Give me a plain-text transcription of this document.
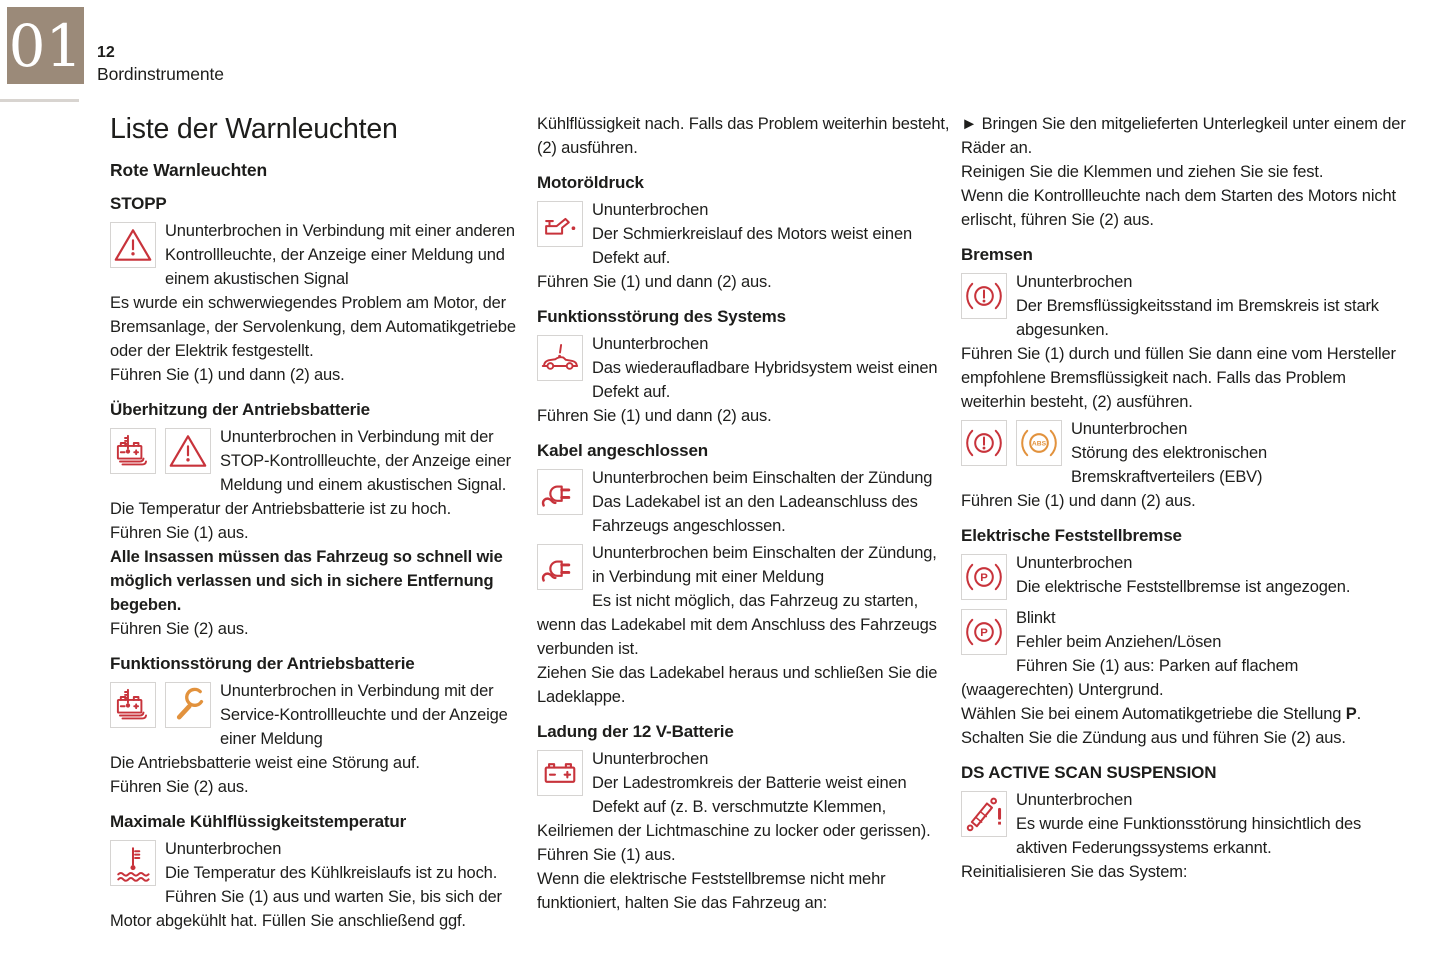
01 12
Bordinstrumente
Liste der Warnleuchten
Rote Warnleuchten
STOPP
Ununterbrochen in Verbindung mit einer anderen Kontrollleuchte, der Anzeige einer Meldung und einem akustischen Signal
Es wurde ein schwerwiegendes Problem am Motor, der Bremsanlage, der Servolenkung, dem Automatikgetriebe oder der Elektrik festgestellt.
Führen Sie (1) und dann (2) aus.
Überhitzung der Antriebsbatterie
Ununterbrochen in Verbindung mit der STOP-Kontrollleuchte, der Anzeige einer Meldung und einem akustischen Signal.
Die Temperatur der Antriebsbatterie ist zu hoch.
Führen Sie (1) aus.
Alle Insassen müssen das Fahrzeug so schnell wie möglich verlassen und sich in sichere Entfernung begeben.
Führen Sie (2) aus.
Funktionsstörung der Antriebsbatterie
Ununterbrochen in Verbindung mit der Service-Kontrollleuchte und der Anzeige einer Meldung
Die Antriebsbatterie weist eine Störung auf.
Führen Sie (2) aus.
Maximale Kühlflüssigkeitstemperatur
Ununterbrochen
Die Temperatur des Kühlkreislaufs ist zu hoch.
Führen Sie (1) aus und warten Sie, bis sich der Motor abgekühlt hat. Füllen Sie anschließend ggf.
Kühlflüssigkeit nach. Falls das Problem weiterhin besteht, (2) ausführen.
Motoröldruck
Ununterbrochen
Der Schmierkreislauf des Motors weist einen Defekt auf.
Führen Sie (1) und dann (2) aus.
Funktionsstörung des Systems
Ununterbrochen
Das wiederaufladbare Hybridsystem weist einen Defekt auf.
Führen Sie (1) und dann (2) aus.
Kabel angeschlossen
Ununterbrochen beim Einschalten der Zündung
Das Ladekabel ist an den Ladeanschluss des Fahrzeugs angeschlossen.
Ununterbrochen beim Einschalten der Zündung, in Verbindung mit einer Meldung
Es ist nicht möglich, das Fahrzeug zu starten, wenn das Ladekabel mit dem Anschluss des Fahrzeugs verbunden ist.
Ziehen Sie das Ladekabel heraus und schließen Sie die Ladeklappe.
Ladung der 12 V-Batterie
Ununterbrochen
Der Ladestromkreis der Batterie weist einen Defekt auf (z. B. verschmutzte Klemmen, Keilriemen der Lichtmaschine zu locker oder gerissen).
Führen Sie (1) aus.
Wenn die elektrische Feststellbremse nicht mehr funktioniert, halten Sie das Fahrzeug an:
► Bringen Sie den mitgelieferten Unterlegkeil unter einem der Räder an.
Reinigen Sie die Klemmen und ziehen Sie sie fest.
Wenn die Kontrollleuchte nach dem Starten des Motors nicht erlischt, führen Sie (2) aus.
Bremsen
Ununterbrochen
Der Bremsflüssigkeitsstand im Bremskreis ist stark abgesunken.
Führen Sie (1) durch und füllen Sie dann eine vom Hersteller empfohlene Bremsflüssigkeit nach. Falls das Problem weiterhin besteht, (2) ausführen.
ABS
Ununterbrochen
Störung des elektronischen Bremskraftverteilers (EBV)
Führen Sie (1) und dann (2) aus.
Elektrische Feststellbremse
P
Ununterbrochen
Die elektrische Feststellbremse ist angezogen.
P
Blinkt
Fehler beim Anziehen/Lösen
Führen Sie (1) aus: Parken auf flachem (waagerechten) Untergrund.
Wählen Sie bei einem Automatikgetriebe die Stellung P.
Schalten Sie die Zündung aus und führen Sie (2) aus.
DS ACTIVE SCAN SUSPENSION
Ununterbrochen
Es wurde eine Funktionsstörung hinsichtlich des aktiven Federungssystems erkannt.
Reinitialisieren Sie das System:
